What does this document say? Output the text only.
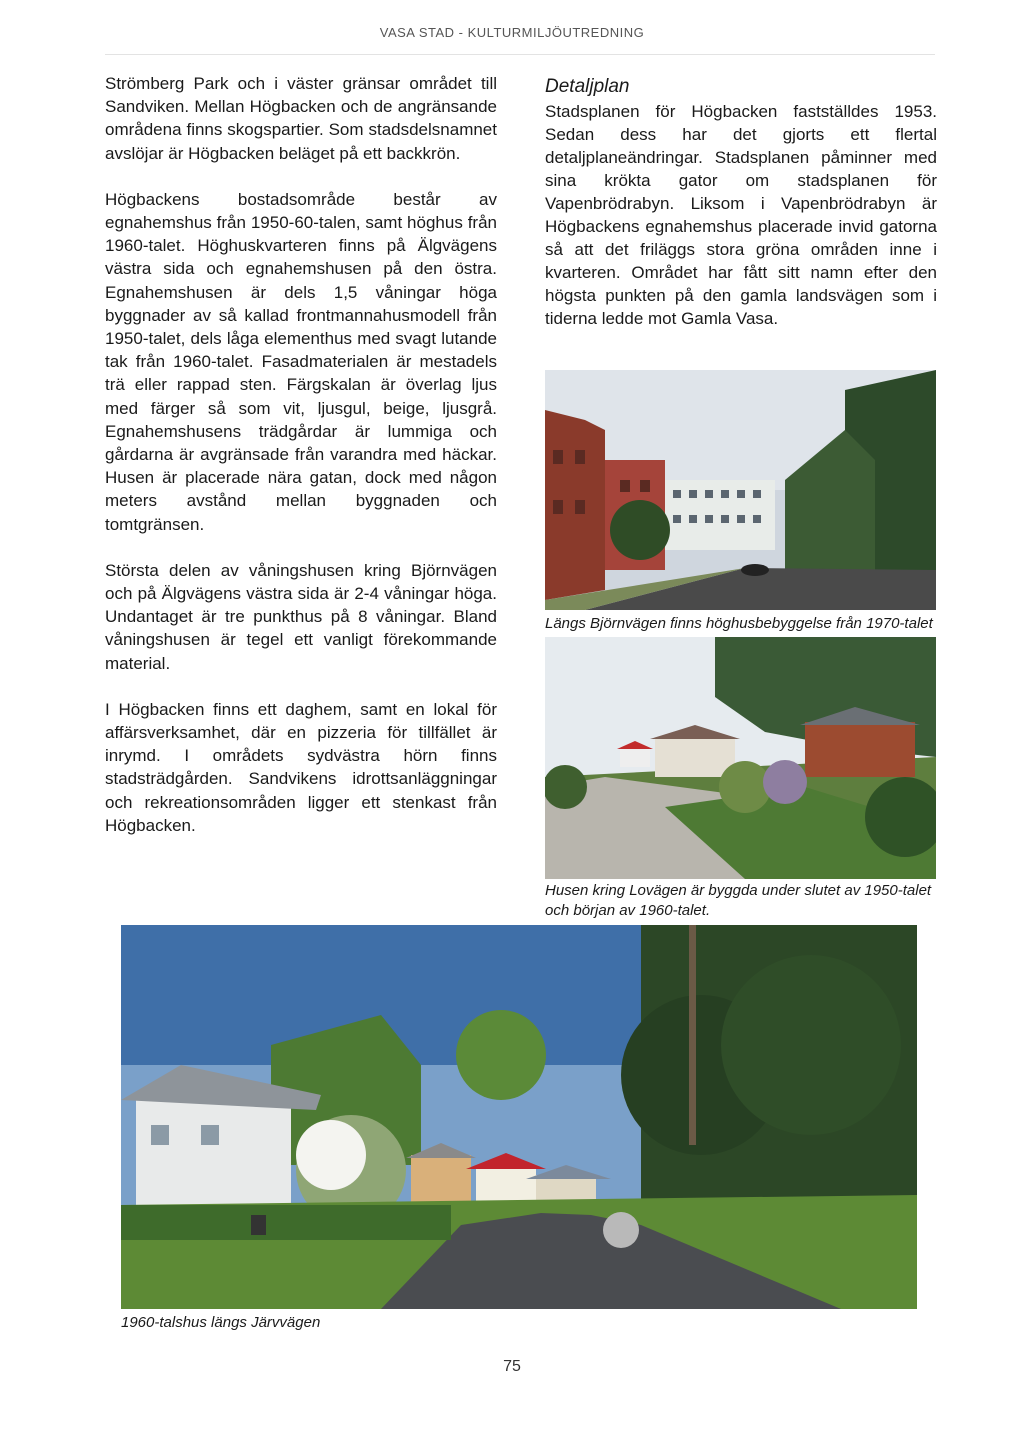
VASA STAD - KULTURMILJÖUTREDNING

Strömberg Park och i väster gränsar området till Sandviken. Mellan Högbacken och de angränsande områdena finns skogspartier. Som stadsdelsnamnet avslöjar är Högbacken beläget på ett backkrön.

Högbackens bostadsområde består av egnahemshus från 1950-60-talen, samt höghus från 1960-talet. Höghuskvarteren finns på Älgvägens västra sida och egnahemshusen på den östra. Egnahemshusen är dels 1,5 våningar höga byggnader av så kallad frontmannahusmodell från 1950-talet, dels låga elementhus med svagt lutande tak från 1960-talet. Fasadmaterialen är mestadels trä eller rappad sten. Färgskalan är överlag ljus med färger så som vit, ljusgul, beige, ljusgrå. Egnahemshusens trädgårdar är lummiga och gårdarna är avgränsade från varandra med häckar. Husen är placerade nära gatan, dock med någon meters avstånd mellan byggnaden och tomtgränsen.

Största delen av våningshusen kring Björnvägen och på Älgvägens västra sida är 2-4 våningar höga. Undantaget är tre punkthus på 8 våningar. Bland våningshusen är tegel ett vanligt förekommande material.

I Högbacken finns ett daghem, samt en lokal för affärsverksamhet, där en pizzeria för tillfället är inrymd. I områdets sydvästra hörn finns stadsträdgården. Sandvikens idrottsanläggningar och rekreationsområden ligger ett stenkast från Högbacken.

Detaljplan

Stadsplanen för Högbacken fastställdes 1953. Sedan dess har det gjorts ett flertal detaljplaneändringar. Stadsplanen påminner med sina krökta gator om stadsplanen för Vapenbrödrabyn. Liksom i Vapenbrödrabyn är Högbackens egnahemshus placerade invid gatorna så att det friläggs stora gröna områden inne i kvarteren. Området har fått sitt namn efter den högsta punkten på den gamla landsvägen som i tiderna ledde mot Gamla Vasa.

Längs Björnvägen finns höghusbebyggelse från 1970-talet
Husen kring Lovägen är byggda under slutet av 1950-talet och början av 1960-talet.
1960-talshus längs Järvvägen
75
